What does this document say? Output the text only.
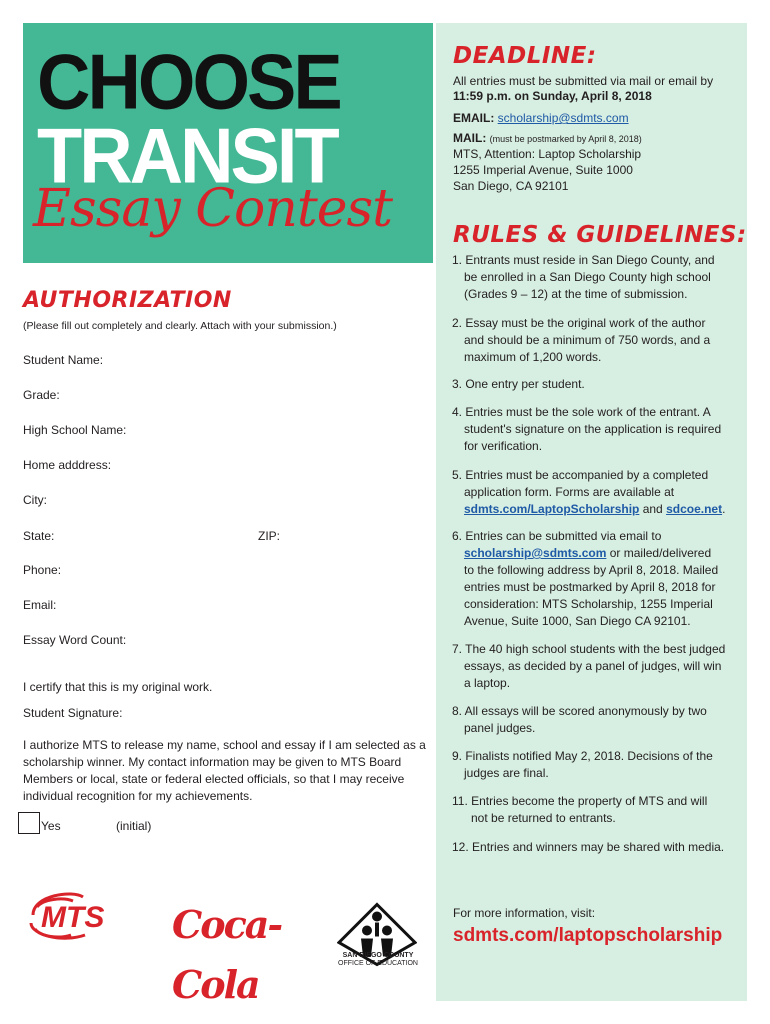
CHOOSE
TRANSIT
Essay Contest
DEADLINE:
All entries must be submitted via mail or email by
11:59 p.m. on Sunday, April 8, 2018
EMAIL: scholarship@sdmts.com
MAIL: (must be postmarked by April 8, 2018)
MTS, Attention: Laptop Scholarship
1255 Imperial Avenue, Suite 1000
San Diego, CA 92101
RULES & GUIDELINES:
1. Entrants must reside in San Diego County, and
be enrolled in a San Diego County high school
(Grades 9 – 12) at the time of submission.
2. Essay must be the original work of the author
and should be a minimum of 750 words, and a
maximum of 1,200 words.
3. One entry per student.
4. Entries must be the sole work of the entrant. A
student's signature on the application is required
for verification.
5. Entries must be accompanied by a completed
application form. Forms are available at
sdmts.com/LaptopScholarship and sdcoe.net.
6. Entries can be submitted via email to
scholarship@sdmts.com or mailed/delivered
to the following address by April 8, 2018. Mailed
entries must be postmarked by April 8, 2018 for
consideration: MTS Scholarship, 1255 Imperial
Avenue, Suite 1000, San Diego CA 92101.
7. The 40 high school students with the best judged
essays, as decided by a panel of judges, will win
a laptop.
8. All essays will be scored anonymously by two
panel judges.
9. Finalists notified May 2, 2018. Decisions of the
judges are final.
11. Entries become the property of MTS and will
not be returned to entrants.
12. Entries and winners may be shared with media.
For more information, visit:
sdmts.com/laptopscholarship
AUTHORIZATION
(Please fill out completely and clearly. Attach with your submission.)
Student Name:
Grade:
High School Name:
Home adddress:
City:
State:	ZIP:
Phone:
Email:
Essay Word Count:
I certify that this is my original work.
Student Signature:
I authorize MTS to release my name, school and essay if I am selected as a scholarship winner. My contact information may be given to MTS Board Members or local, state or federal elected officials, so that I may receive individual recognition for my achievements.
Yes	(initial)
MTS Coca-Cola
SAN DIEGO COUNTY
OFFICE OF EDUCATION
